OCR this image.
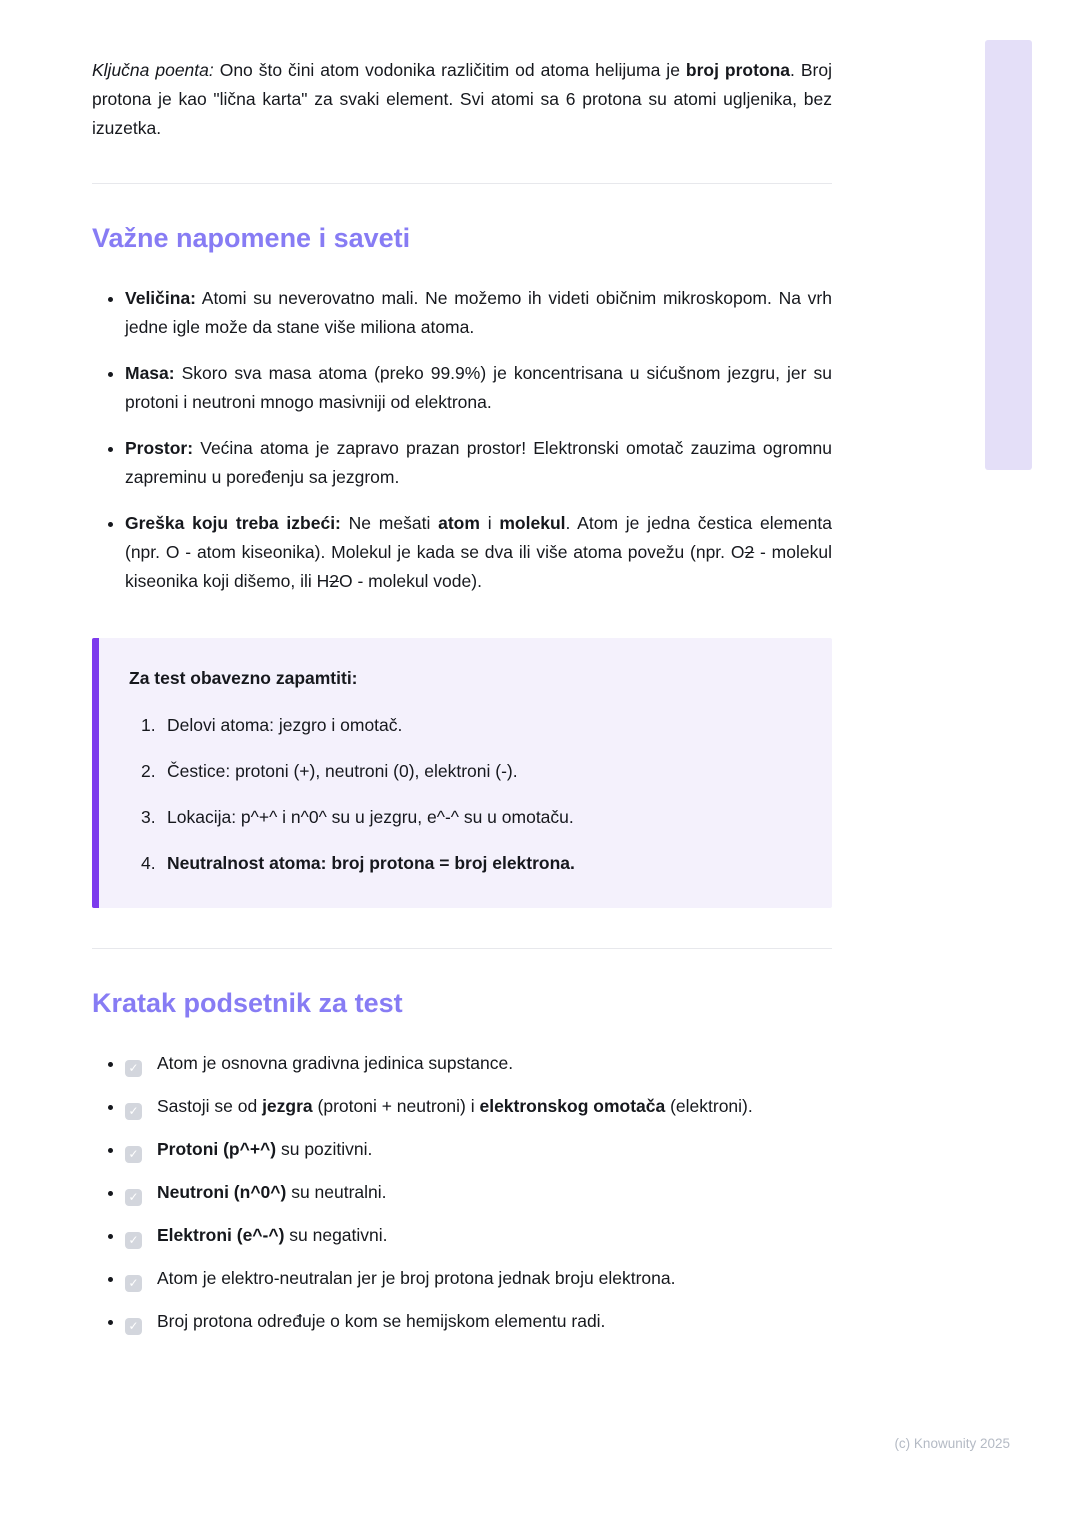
Ključna poenta: Ono što čini atom vodonika različitim od atoma helijuma je broj protona. Broj protona je kao "lična karta" za svaki element. Svi atomi sa 6 protona su atomi ugljenika, bez izuzetka.

Važne napomene i saveti
• Veličina: Atomi su neverovatno mali. Ne možemo ih videti običnim mikroskopom. Na vrh jedne igle može da stane više miliona atoma.
• Masa: Skoro sva masa atoma (preko 99.9%) je koncentrisana u sićušnom jezgru, jer su protoni i neutroni mnogo masivniji od elektrona.
• Prostor: Većina atoma je zapravo prazan prostor! Elektronski omotač zauzima ogromnu zapreminu u poređenju sa jezgrom.
• Greška koju treba izbeći: Ne mešati atom i molekul. Atom je jedna čestica elementa (npr. O - atom kiseonika). Molekul je kada se dva ili više atoma povežu (npr. O2 - molekul kiseonika koji dišemo, ili H2O - molekul vode).

Za test obavezno zapamtiti:

1. Delovi atoma: jezgro i omotač.
2. Čestice: protoni (+), neutroni (0), elektroni (-).
3. Lokacija: p^+^ i n^0^ su u jezgru, e^-^ su u omotaču.
4. Neutralnost atoma: broj protona = broj elektrona.
Kratak podsetnik za test
• ✓ Atom je osnovna gradivna jedinica supstance.
• ✓ Sastoji se od jezgra (protoni + neutroni) i elektronskog omotača (elektroni).
• ✓ Protoni (p^+^) su pozitivni.
• ✓ Neutroni (n^0^) su neutralni.
• ✓ Elektroni (e^-^) su negativni.
• ✓ Atom je elektro-neutralan jer je broj protona jednak broju elektrona.
• ✓ Broj protona određuje o kom se hemijskom elementu radi.
(c) Knowunity 2025
